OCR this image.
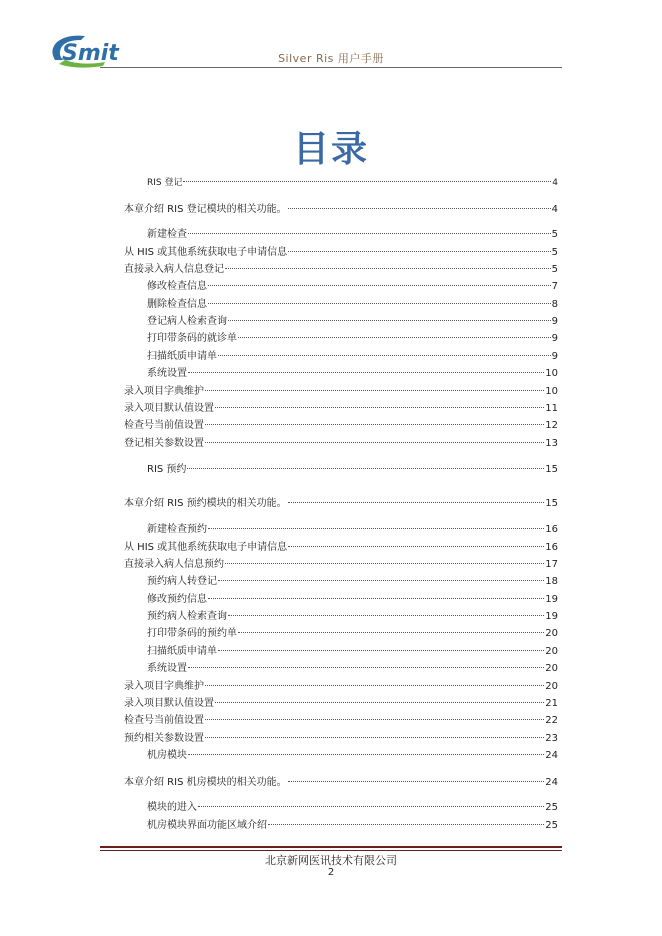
Smit	Silver Ris 用户手册
目录
RIS 登记	4
本章介绍 RIS 登记模块的相关功能。	4
新建检查	5
从 HIS 或其他系统获取电子申请信息	5
直接录入病人信息登记	5
修改检查信息	7
删除检查信息	8
登记病人检索查询	9
打印带条码的就诊单	9
扫描纸质申请单	9
系统设置	10
录入项目字典维护	10
录入项目默认值设置	11
检查号当前值设置	12
登记相关参数设置	13
RIS 预约	15
本章介绍 RIS 预约模块的相关功能。	15
新建检查预约	16
从 HIS 或其他系统获取电子申请信息	16
直接录入病人信息预约	17
预约病人转登记	18
修改预约信息	19
预约病人检索查询	19
打印带条码的预约单	20
扫描纸质申请单	20
系统设置	20
录入项目字典维护	20
录入项目默认值设置	21
检查号当前值设置	22
预约相关参数设置	23
机房模块	24
本章介绍 RIS 机房模块的相关功能。	24
模块的进入	25
机房模块界面功能区域介绍	25
北京新网医讯技术有限公司
2
